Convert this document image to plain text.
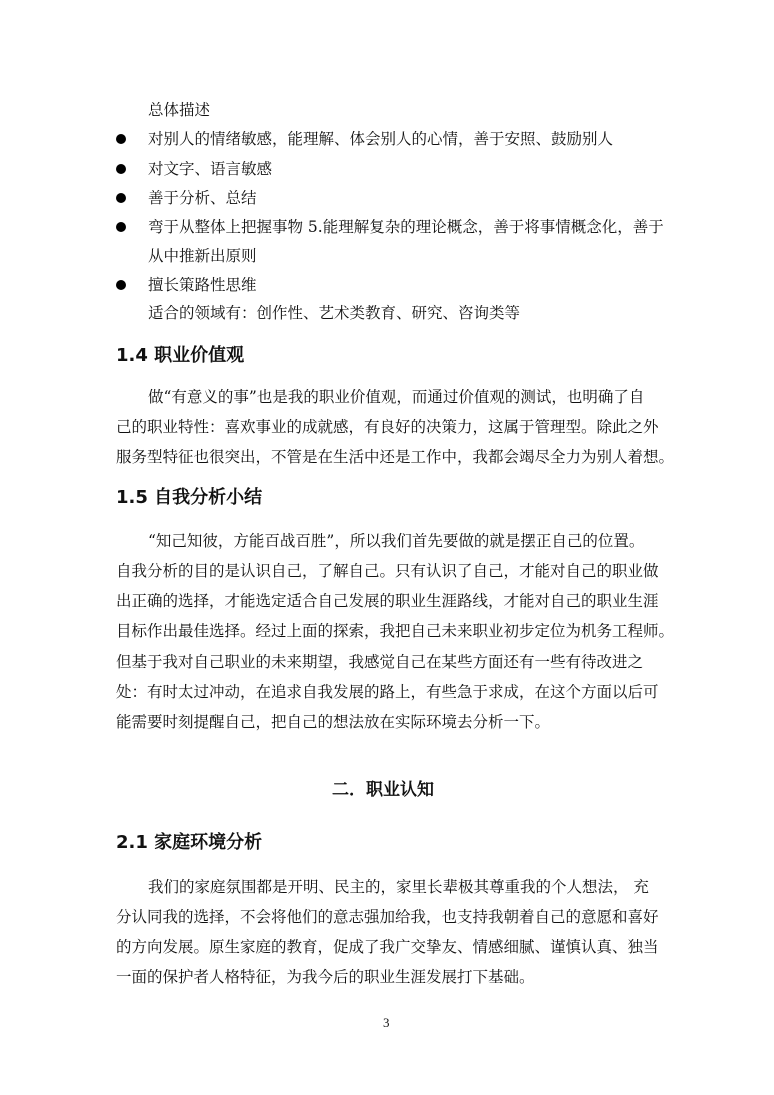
总体描述
对别人的情绪敏感，能理解、体会别人的心情，善于安照、鼓励别人
对文字、语言敏感
善于分析、总结
弯于从整体上把握事物 5.能理解复杂的理论概念，善于将事情概念化，善于
从中推新出原则
擅长策路性思维
适合的领域有：创作性、艺术类教育、研究、咨询类等
1.4 职业价值观
做“有意义的事”也是我的职业价值观，而通过价值观的测试，也明确了自
己的职业特性：喜欢事业的成就感，有良好的决策力，这属于管理型。除此之外
服务型特征也很突出，不管是在生活中还是工作中，我都会竭尽全力为别人着想。
1.5 自我分析小结
“知己知彼，方能百战百胜”，所以我们首先要做的就是摆正自己的位置。
自我分析的目的是认识自己，了解自己。只有认识了自己，才能对自己的职业做
出正确的选择，才能选定适合自己发展的职业生涯路线，才能对自己的职业生涯
目标作出最佳选择。经过上面的探索，我把自己未来职业初步定位为机务工程师。
但基于我对自己职业的未来期望，我感觉自己在某些方面还有一些有待改进之
处：有时太过冲动，在追求自我发展的路上，有些急于求成，在这个方面以后可
能需要时刻提醒自己，把自己的想法放在实际环境去分析一下。
二．职业认知
2.1 家庭环境分析
我们的家庭氛围都是开明、民主的，家里长辈极其尊重我的个人想法， 充
分认同我的选择，不会将他们的意志强加给我，也支持我朝着自己的意愿和喜好
的方向发展。原生家庭的教育，促成了我广交挚友、情感细腻、谨慎认真、独当
一面的保护者人格特征，为我今后的职业生涯发展打下基础。
3
